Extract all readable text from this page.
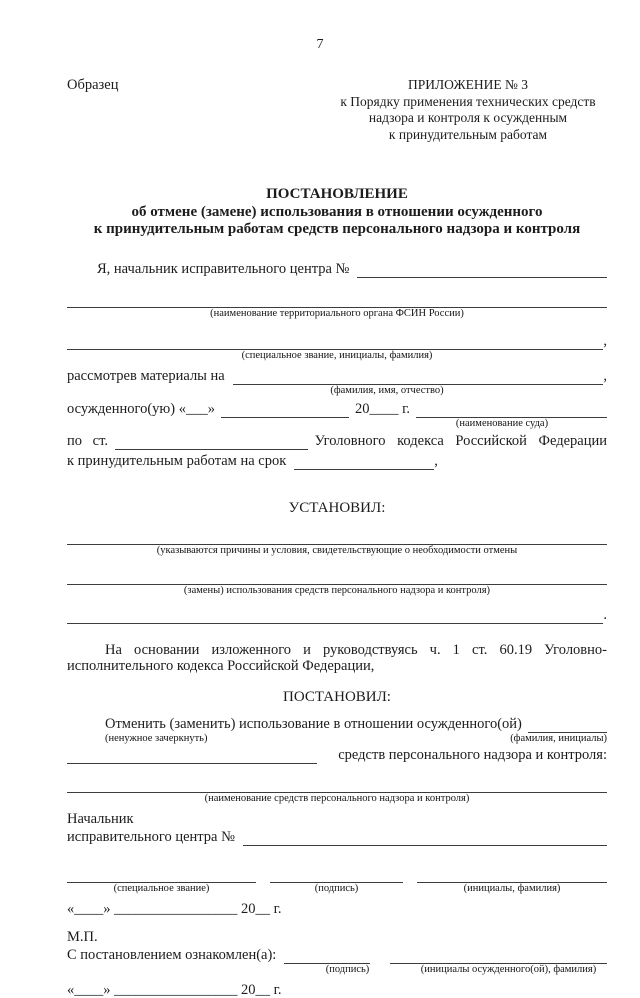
7
Образец	ПРИЛОЖЕНИЕ № 3
к Порядку применения технических средств
надзора и контроля к осужденным
к принудительным работам
ПОСТАНОВЛЕНИЕ
об отмене (замене) использования в отношении осужденного
к принудительным работам средств персонального надзора и контроля
Я, начальник исправительного центра №
(наименование территориального органа ФСИН России)
,
(специальное звание, инициалы, фамилия)
рассмотрев материалы на	,
(фамилия, имя, отчество)
осужденного(ую) «___»	20____ г.
(наименование суда)
по ст.	Уголовного кодекса Российской Федерации
к принудительным работам на срок	,
УСТАНОВИЛ:
(указываются причины и условия, свидетельствующие о необходимости отмены
(замены) использования средств персонального надзора и контроля)
.
На основании изложенного и руководствуясь ч. 1 ст. 60.19 Уголовно-
исполнительного кодекса Российской Федерации,
ПОСТАНОВИЛ:
Отменить (заменить) использование в отношении осужденного(ой)
(ненужное зачеркнуть)	(фамилия, инициалы)
средств персонального надзора и контроля:
(наименование средств персонального надзора и контроля)
Начальник
исправительного центра №
(специальное звание)	(подпись)	(инициалы, фамилия)
«____» _________________ 20__ г.
М.П.
С постановлением ознакомлен(а):
(подпись)	(инициалы осужденного(ой), фамилия)
«____» _________________ 20__ г.
